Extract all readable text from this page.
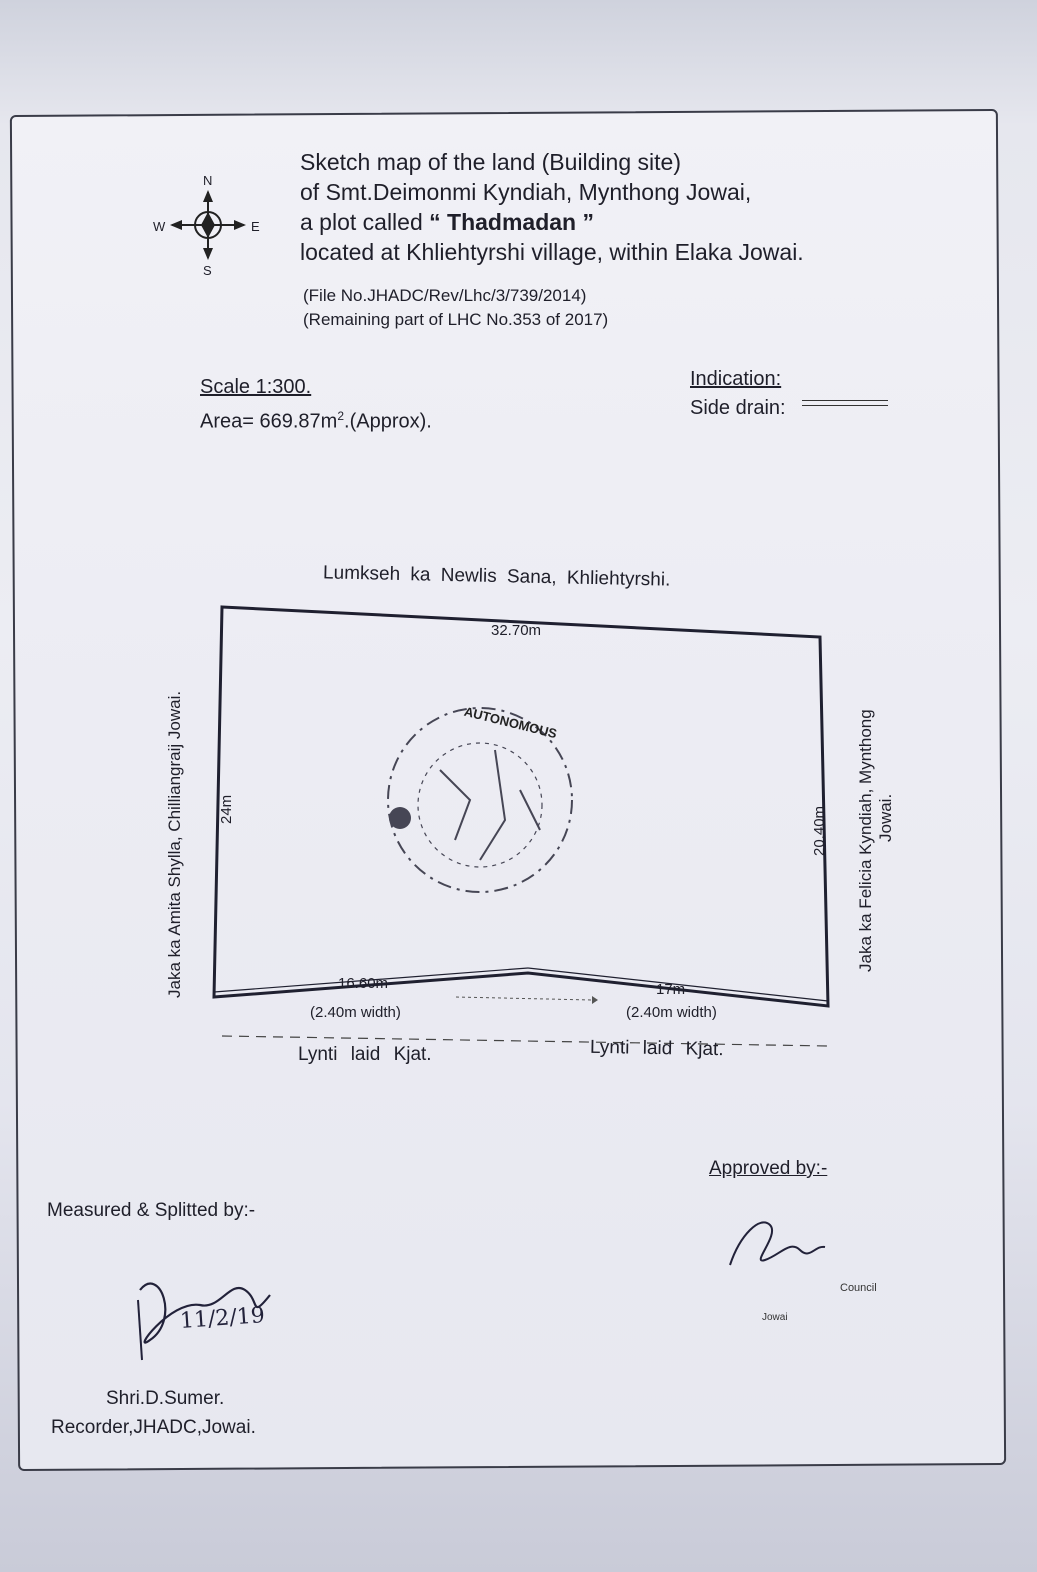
N
S
E
W
Sketch map of the land (Building site)
of Smt.Deimonmi Kyndiah, Mynthong Jowai,
a plot called “ Thadmadan ”
located at Khliehtyrshi village, within Elaka Jowai.
(File No.JHADC/Rev/Lhc/3/739/2014)
(Remaining part of LHC No.353 of 2017)
Scale 1:300.
Area= $669.87m^2.(Approx)$.
Indication:
Side drain:
Lumkseh ka Newlis Sana, Khliehtyrshi.
AUTONOMOUS
32.70m
24m	20.40m
16.60m	17m
(2.40m width)	(2.40m width)
Jaka ka Amita Shylla, Chilliangraij Jowai.	Jaka ka Felicia Kyndiah, Mynthong Jowai.
Lynti laid Kjat.	Lynti laid Kjat.
Approved by:-
Measured & Splitted by:-
11/2/19
Council
Jowai
Shri.D.Sumer.
Recorder,JHADC,Jowai.
